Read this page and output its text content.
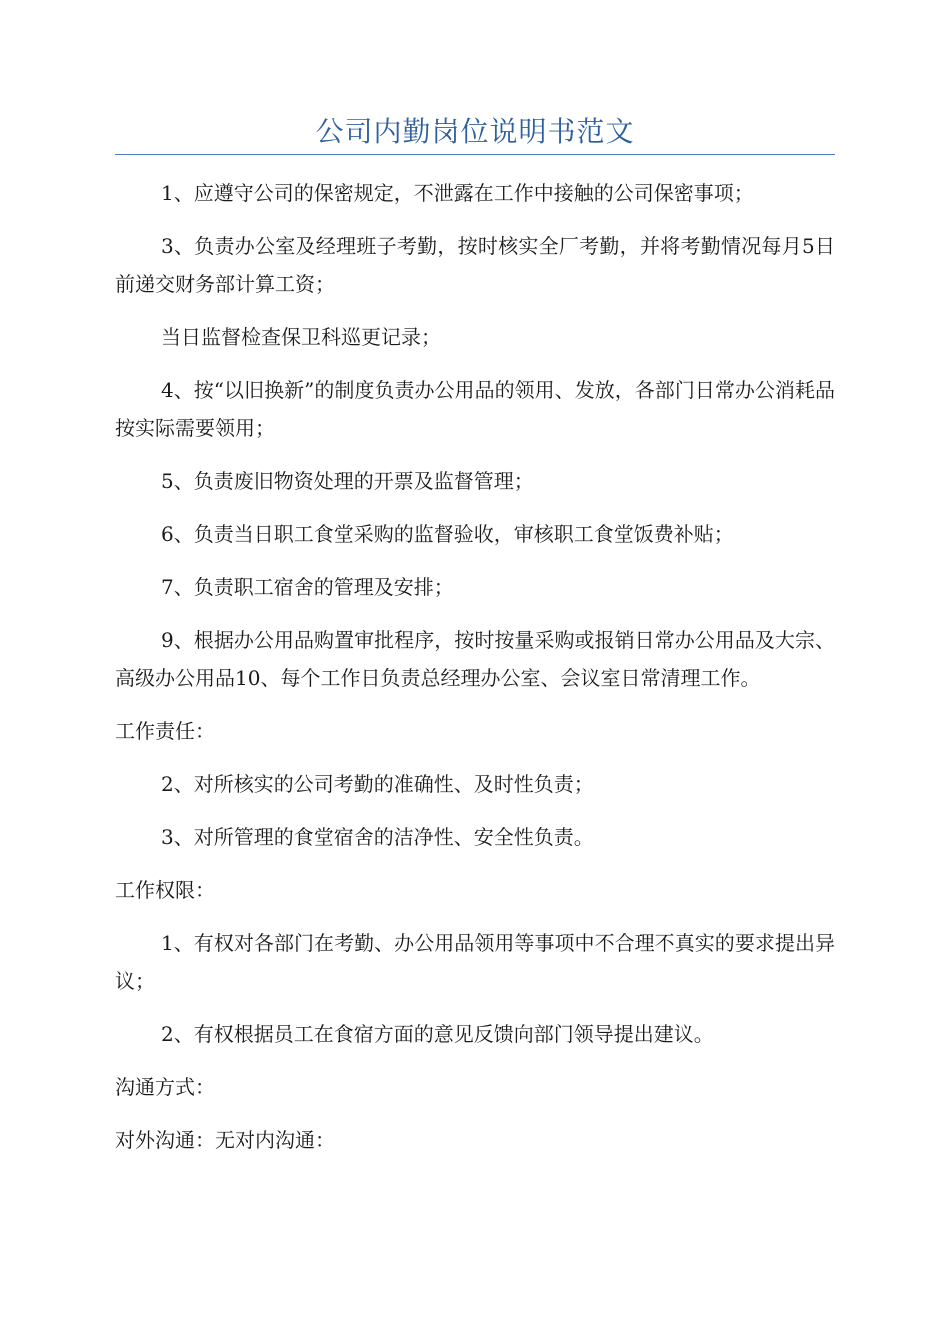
公司内勤岗位说明书范文

1、应遵守公司的保密规定，不泄露在工作中接触的公司保密事项；

3、负责办公室及经理班子考勤，按时核实全厂考勤，并将考勤情况每月5日前递交财务部计算工资；

当日监督检查保卫科巡更记录；

4、按“以旧换新”的制度负责办公用品的领用、发放，各部门日常办公消耗品按实际需要领用；

5、负责废旧物资处理的开票及监督管理；

6、负责当日职工食堂采购的监督验收，审核职工食堂饭费补贴；

7、负责职工宿舍的管理及安排；

9、根据办公用品购置审批程序，按时按量采购或报销日常办公用品及大宗、高级办公用品10、每个工作日负责总经理办公室、会议室日常清理工作。

工作责任：

2、对所核实的公司考勤的准确性、及时性负责；

3、对所管理的食堂宿舍的洁净性、安全性负责。

工作权限：

1、有权对各部门在考勤、办公用品领用等事项中不合理不真实的要求提出异议；

2、有权根据员工在食宿方面的意见反馈向部门领导提出建议。

沟通方式：

对外沟通：无对内沟通：
